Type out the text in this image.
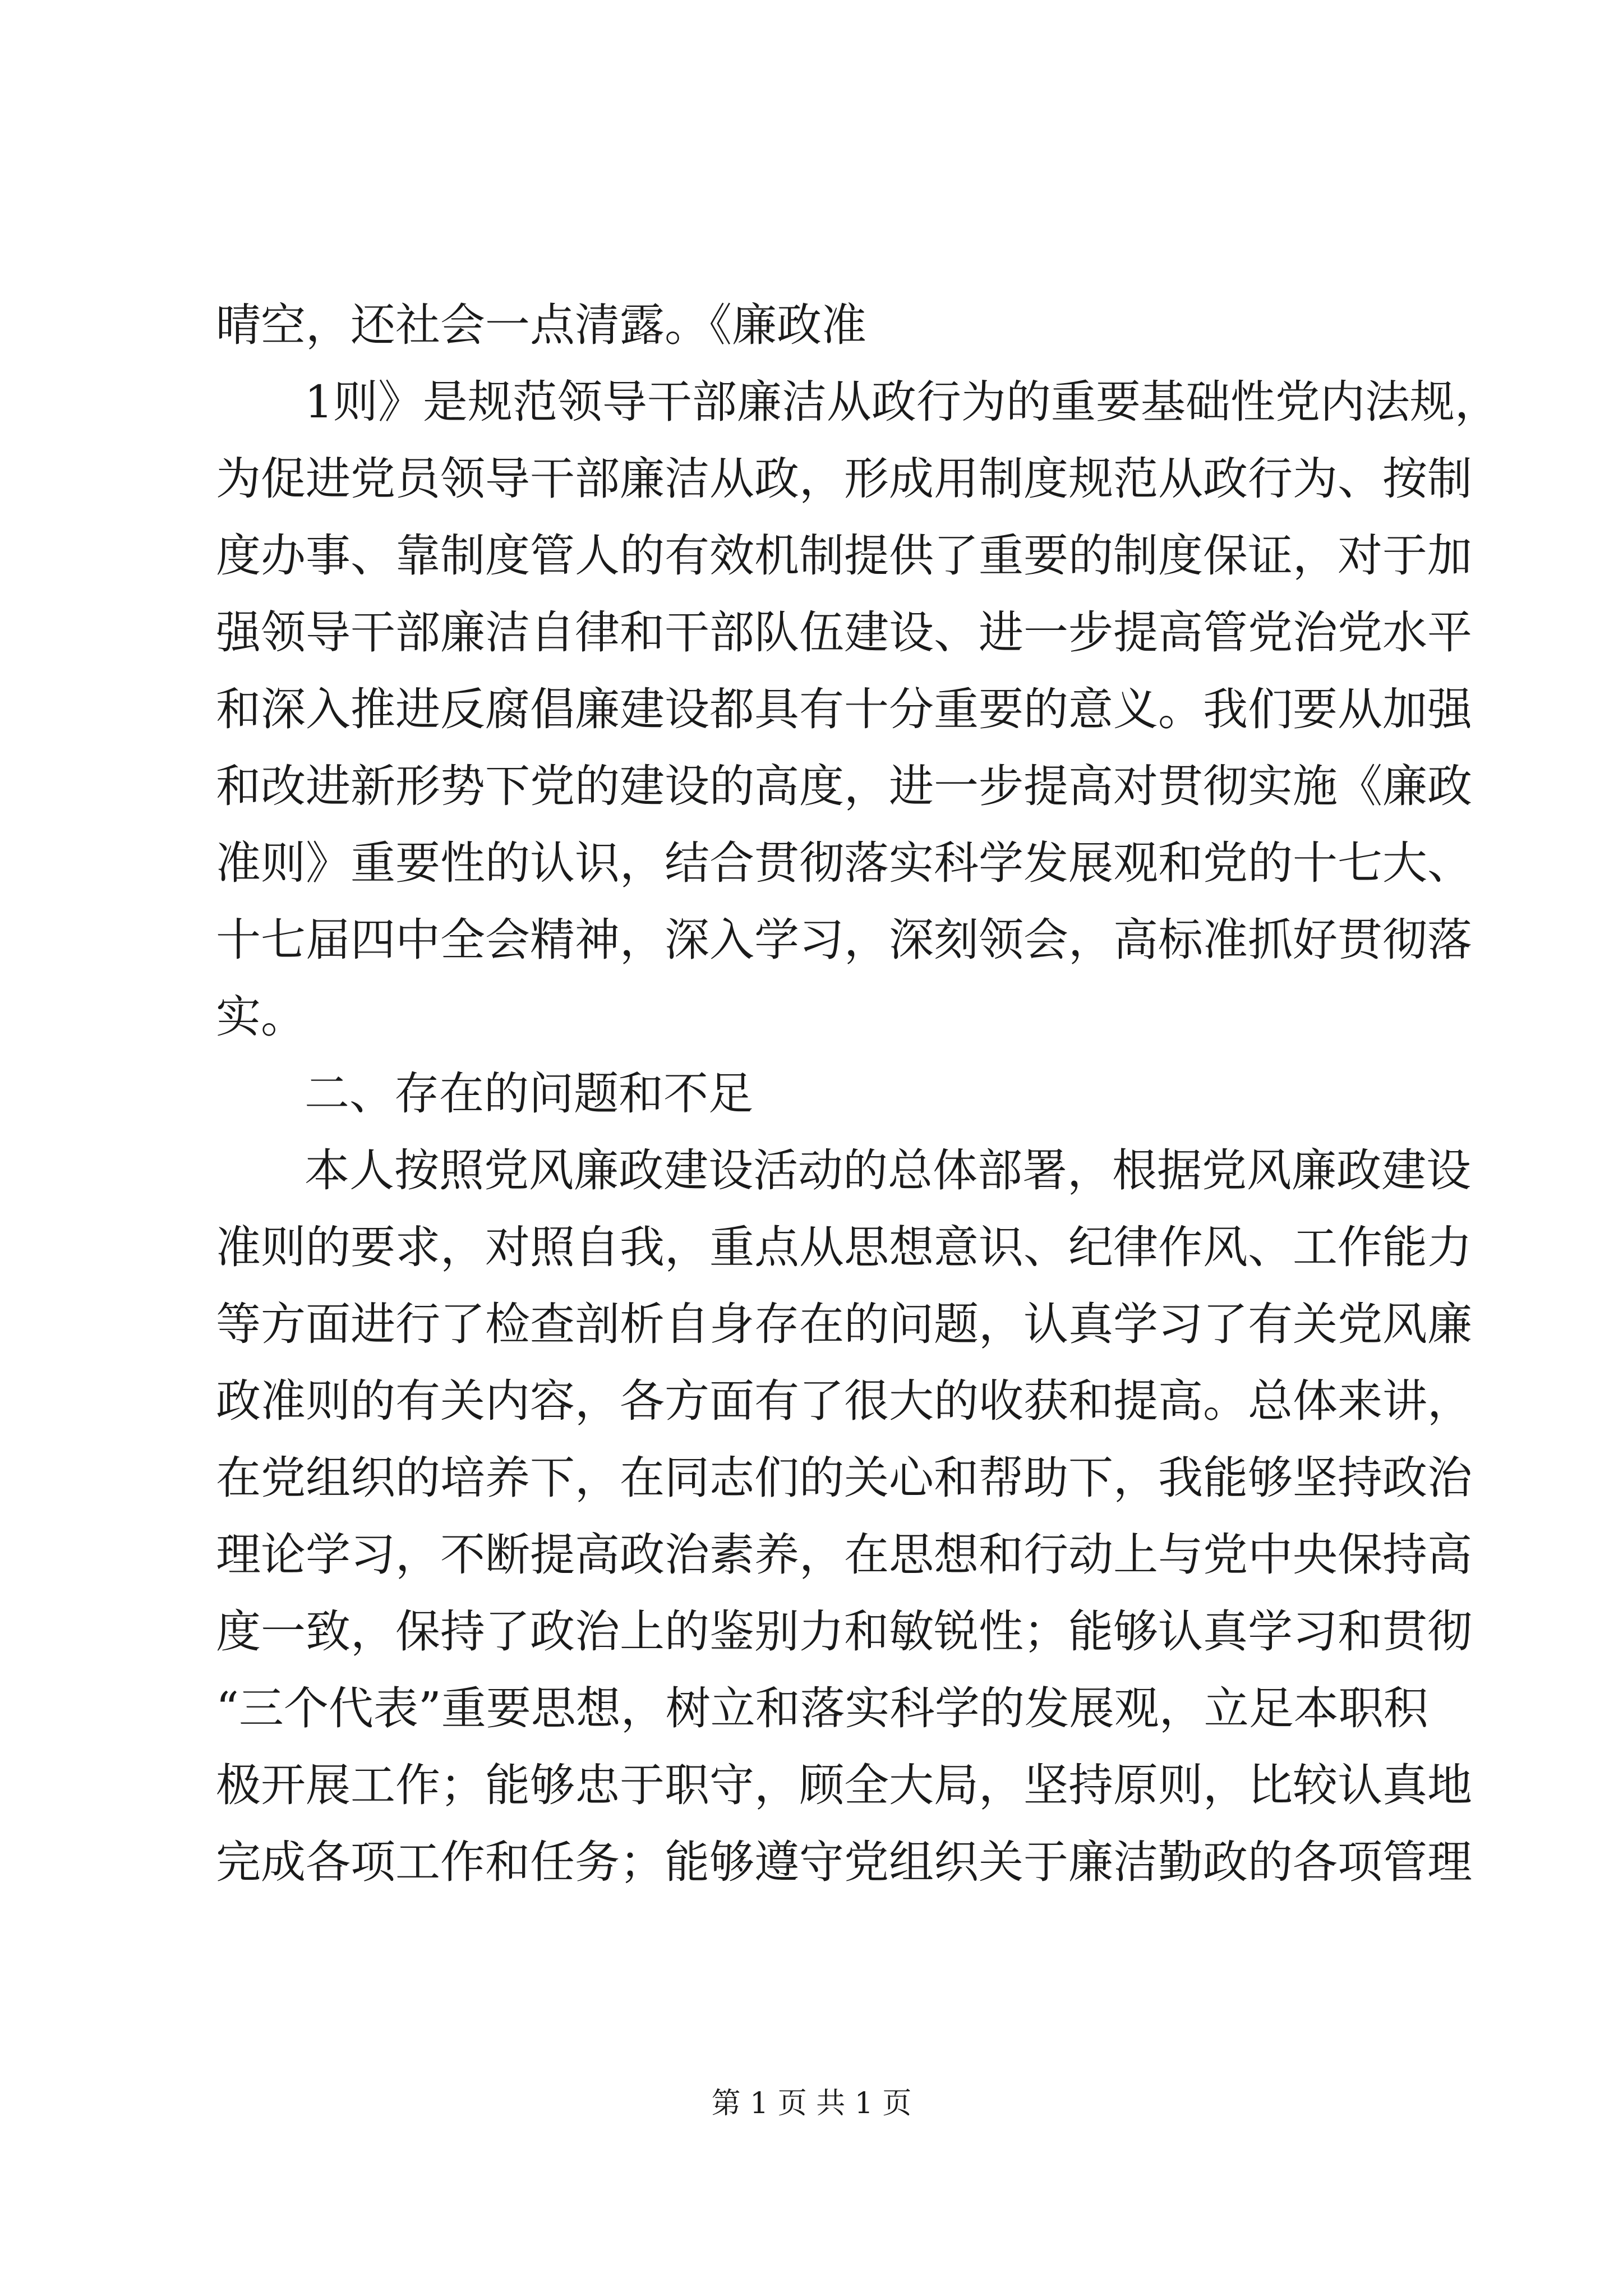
晴空，还社会一点清露。《廉政准
1则》是规范领导干部廉洁从政行为的重要基础性党内法规，
为促进党员领导干部廉洁从政，形成用制度规范从政行为、按制
度办事、靠制度管人的有效机制提供了重要的制度保证，对于加
强领导干部廉洁自律和干部队伍建设、进一步提高管党治党水平
和深入推进反腐倡廉建设都具有十分重要的意义。我们要从加强
和改进新形势下党的建设的高度，进一步提高对贯彻实施《廉政
准则》重要性的认识，结合贯彻落实科学发展观和党的十七大、
十七届四中全会精神，深入学习，深刻领会，高标准抓好贯彻落
实。
二、存在的问题和不足
本人按照党风廉政建设活动的总体部署，根据党风廉政建设
准则的要求，对照自我，重点从思想意识、纪律作风、工作能力
等方面进行了检查剖析自身存在的问题，认真学习了有关党风廉
政准则的有关内容，各方面有了很大的收获和提高。总体来讲，
在党组织的培养下，在同志们的关心和帮助下，我能够坚持政治
理论学习，不断提高政治素养，在思想和行动上与党中央保持高
度一致，保持了政治上的鉴别力和敏锐性；能够认真学习和贯彻
“三个代表”重要思想，树立和落实科学的发展观，立足本职积
极开展工作；能够忠于职守，顾全大局，坚持原则，比较认真地
完成各项工作和任务；能够遵守党组织关于廉洁勤政的各项管理
第 1 页 共 1 页
